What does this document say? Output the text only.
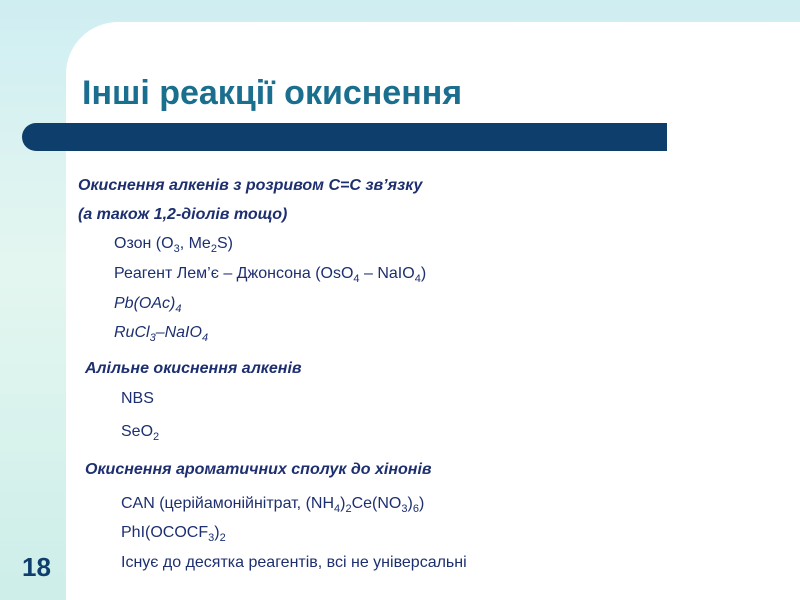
Інші реакції окиснення
Окиснення алкенів з розривом С=С зв’язку
(а також 1,2-діолів тощо)
Озон ($O_3$, $Me_2S$)
Реагент Лем’є – Джонсона (OsO$_4$ – NaIO$_4$)
$Pb(OAc)_4$
RuCl$_3$–NaIO$_4$
Алільне окиснення алкенів
NBS
SeO$_2$
Окиснення ароматичних сполук до хінонів
CAN (церійамонійнітрат, $(NH_4)_2Ce(NO_3)_6$)
$PhI(OCOCF_3)_2$
Існує до десятка реагентів, всі не універсальні
18
